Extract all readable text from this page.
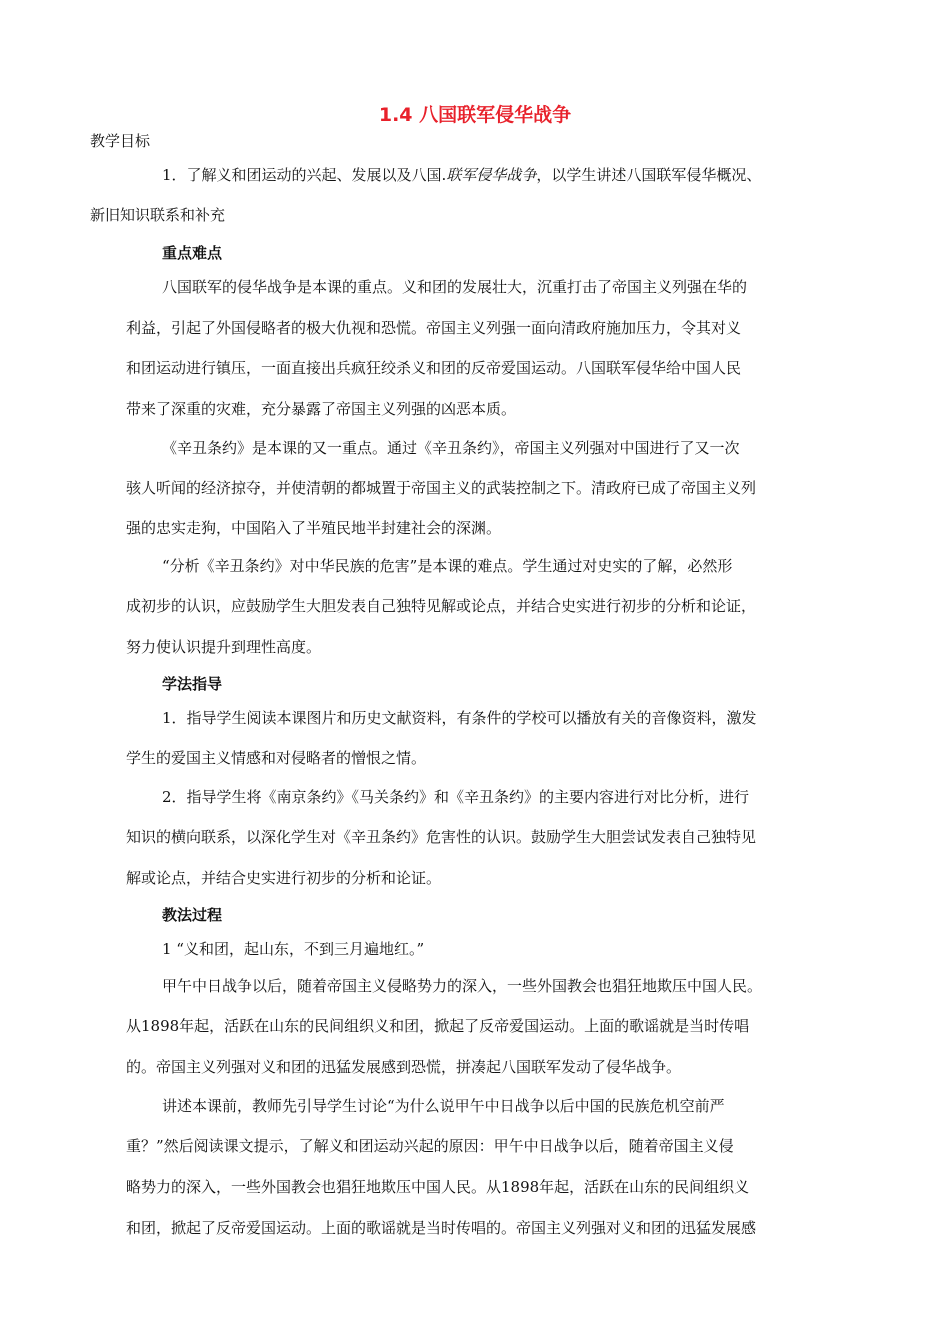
1.4 八国联军侵华战争
教学目标
1．了解义和团运动的兴起、发展以及八国.联军侵华战争，以学生讲述八国联军侵华概况、
新旧知识联系和补充
重点难点
八国联军的侵华战争是本课的重点。义和团的发展壮大，沉重打击了帝国主义列强在华的
利益，引起了外国侵略者的极大仇视和恐慌。帝国主义列强一面向清政府施加压力，令其对义
和团运动进行镇压，一面直接出兵疯狂绞杀义和团的反帝爱国运动。八国联军侵华给中国人民
带来了深重的灾难，充分暴露了帝国主义列强的凶恶本质。
《辛丑条约》是本课的又一重点。通过《辛丑条约》，帝国主义列强对中国进行了又一次
骇人听闻的经济掠夺，并使清朝的都城置于帝国主义的武装控制之下。清政府已成了帝国主义列
强的忠实走狗，中国陷入了半殖民地半封建社会的深渊。
“分析《辛丑条约》对中华民族的危害”是本课的难点。学生通过对史实的了解，必然形
成初步的认识，应鼓励学生大胆发表自己独特见解或论点，并结合史实进行初步的分析和论证，
努力使认识提升到理性高度。
学法指导
1．指导学生阅读本课图片和历史文献资料，有条件的学校可以播放有关的音像资料，激发
学生的爱国主义情感和对侵略者的憎恨之情。
2．指导学生将《南京条约》《马关条约》和《辛丑条约》的主要内容进行对比分析，进行
知识的横向联系，以深化学生对《辛丑条约》危害性的认识。鼓励学生大胆尝试发表自己独特见
解或论点，并结合史实进行初步的分析和论证。
教法过程
1 “义和团，起山东，不到三月遍地红。”
甲午中日战争以后，随着帝国主义侵略势力的深入，一些外国教会也猖狂地欺压中国人民。
从1898年起，活跃在山东的民间组织义和团，掀起了反帝爱国运动。上面的歌谣就是当时传唱
的。帝国主义列强对义和团的迅猛发展感到恐慌，拼凑起八国联军发动了侵华战争。
讲述本课前，教师先引导学生讨论“为什么说甲午中日战争以后中国的民族危机空前严
重？”然后阅读课文提示，了解义和团运动兴起的原因：甲午中日战争以后，随着帝国主义侵
略势力的深入，一些外国教会也猖狂地欺压中国人民。从1898年起，活跃在山东的民间组织义
和团，掀起了反帝爱国运动。上面的歌谣就是当时传唱的。帝国主义列强对义和团的迅猛发展感
